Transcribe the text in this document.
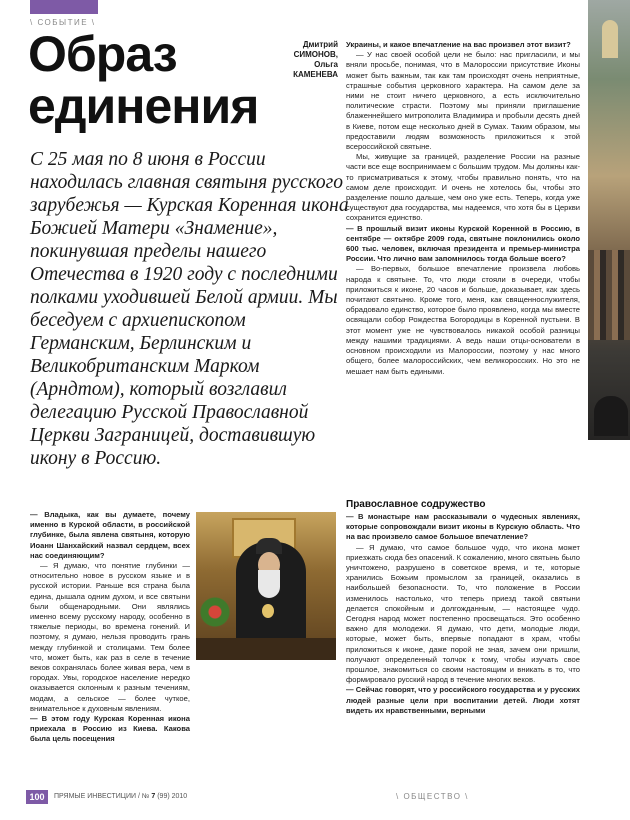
\ СОБЫТИЕ \
Образ единения
Дмитрий
СИМОНОВ,
Ольга
КАМЕНЕВА

С 25 мая по 8 июня в России находилась главная святыня русского зарубежья — Курская Коренная икона Божией Матери «Знамение», покинувшая пределы нашего Отечества в 1920 году с последними полками уходившей Белой армии. Мы беседуем с архиепископом Германским, Берлинским и Великобританским Марком (Арндтом), который возглавил делегацию Русской Православной Церкви Заграницей, доставившую икону в Россию.

— Владыка, как вы думаете, почему именно в Курской области, в российской глубинке, была явлена святыня, которую Иоанн Шанхайский назвал сердцем, всех нас соединяющим?

— Я думаю, что понятие глубинки — относительно новое в русском языке и в русской истории. Раньше вся страна была едина, дышала одним духом, и все святыни были общенародными. Они являлись именно всему русскому народу, особенно в тяжелые периоды, во времена гонений. И поэтому, я думаю, нельзя проводить грань между глубинкой и столицами. Тем более что, может быть, как раз в селе в течение веков сохранялась более живая вера, чем в городах. Увы, городское население нередко оказывается склонным к разным течениям, модам, а сельское — более чуткое, внимательное к духовным явлениям.

— В этом году Курская Коренная икона приехала в Россию из Киева. Какова была цель посещения

Украины, и какое впечатление на вас произвел этот визит?

— У нас своей особой цели не было: нас пригласили, и мы вняли просьбе, понимая, что в Малороссии присутствие Иконы может быть важным, так как там происходят очень неприятные, страшные события церковного характера. На самом деле за ними не стоит ничего церковного, а есть исключительно политические страсти. Поэтому мы приняли приглашение блаженнейшего митрополита Владимира и пробыли десять дней в Киеве, потом еще несколько дней в Сумах. Таким образом, мы предоставили людям возможность приложиться к этой всероссийской святыне.

Мы, живущие за границей, разделение России на разные части все еще воспринимаем с большим трудом. Мы должны как-то присматриваться к этому, чтобы правильно понять, что на самом деле происходит. И очень не хотелось бы, чтобы это разделение пошло дальше, чем оно уже есть. Теперь, когда уже существуют два государства, мы надеемся, что хотя бы в Церкви сохранится единство.

— В прошлый визит иконы Курской Коренной в Россию, в сентябре — октябре 2009 года, святыне поклонились около 600 тыс. человек, включая президента и премьер-министра России. Что лично вам запомнилось тогда больше всего?

— Во-первых, большое впечатление произвела любовь народа к святыне. То, что люди стояли в очереди, чтобы приложиться к иконе, 20 часов и больше, доказывает, как здесь почитают святыню. Кроме того, меня, как священнослужителя, обрадовало единство, которое было проявлено, когда мы вместе освящали собор Рождества Богородицы в Коренной пустыни. В этот момент уже не чувствовалось никакой особой разницы между нашими традициями. А ведь наши отцы-основатели в основном происходили из Малороссии, поэтому у нас много общего, более малороссийских, чем великоросских. Но это не мешает нам быть едиными.

Православное содружество

— В монастыре нам рассказывали о чудесных явлениях, которые сопровождали визит иконы в Курскую область. Что на вас произвело самое большое впечатление?

— Я думаю, что самое большое чудо, что икона может приезжать сюда без опасений. К сожалению, много святынь было уничтожено, разрушено в советское время, и те, которые хранились Божьим промыслом за границей, оказались в наибольшей безопасности. То, что положение в России изменилось настолько, что теперь приезд такой святыни делается спокойным и долгожданным, — настоящее чудо. Сегодня народ может постепенно просвещаться. Это особенно важно для молодежи. Я думаю, что дети, молодые люди, которые, может быть, впервые попадают в храм, чтобы приложиться к иконе, даже порой не зная, зачем они пришли, получают определенный толчок к тому, чтобы изучать свое прошлое, знакомиться со своим настоящим и вникать в то, что формировало русский народ в течение многих веков.

— Сейчас говорят, что у российского государства и у русских людей разные цели при воспитании детей. Люди хотят видеть их нравственными, верными

100	ПРЯМЫЕ ИНВЕСТИЦИИ / № 7 (99) 2010	\ ОБЩЕСТВО \
